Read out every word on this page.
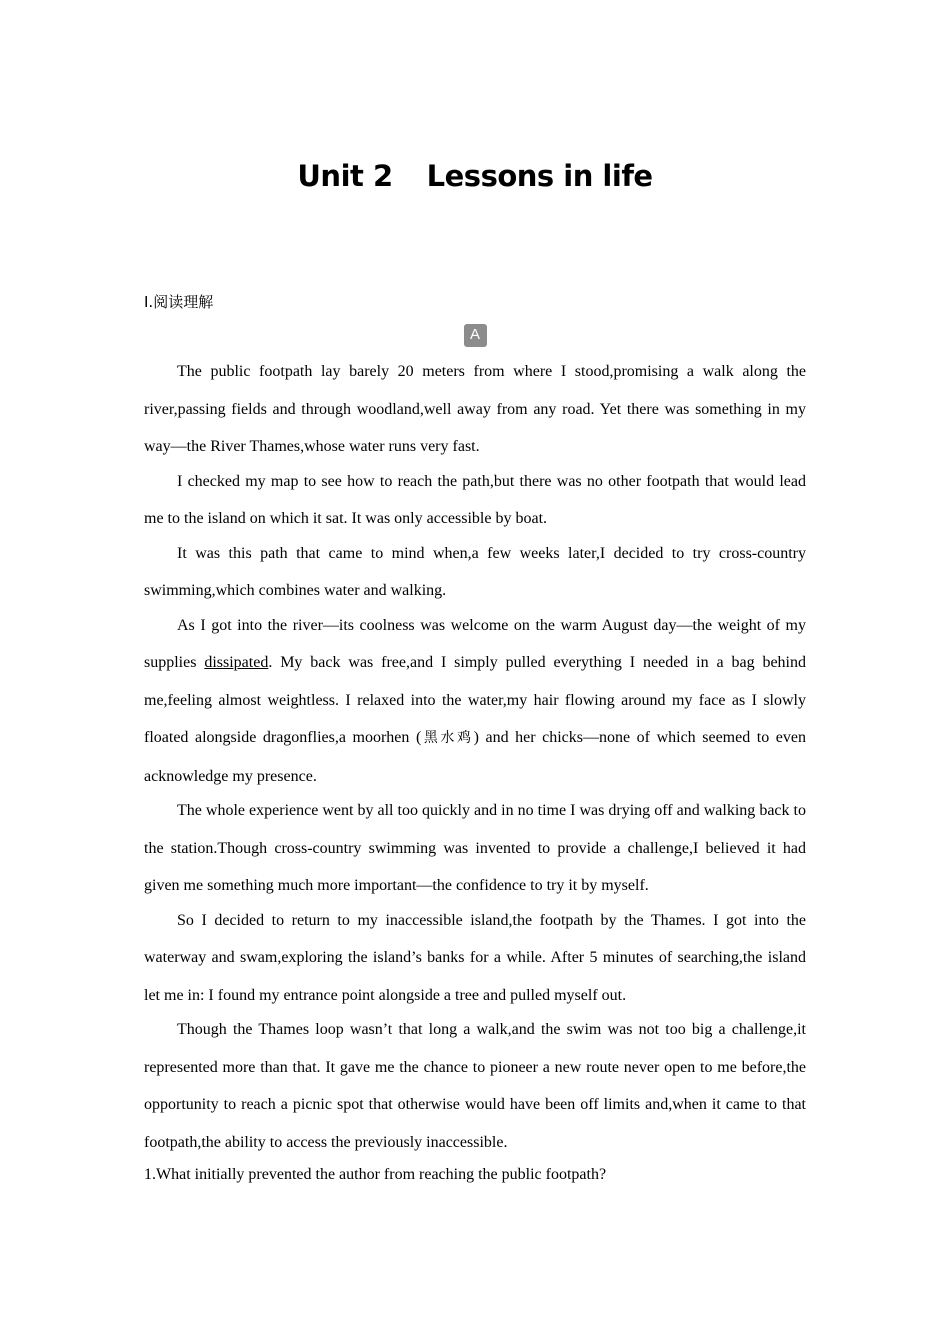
Unit 2 Lessons in life
Ⅰ.阅读理解
A

The public footpath lay barely 20 meters from where I stood,promising a walk along the river,passing fields and through woodland,well away from any road. Yet there was something in my way—the River Thames,whose water runs very fast.

I checked my map to see how to reach the path,but there was no other footpath that would lead me to the island on which it sat. It was only accessible by boat.

It was this path that came to mind when,a few weeks later,I decided to try cross-country swimming,which combines water and walking.

As I got into the river—its coolness was welcome on the warm August day—the weight of my supplies dissipated. My back was free,and I simply pulled everything I needed in a bag behind me,feeling almost weightless. I relaxed into the water,my hair flowing around my face as I slowly floated alongside dragonflies,a moorhen (黑水鸡) and her chicks—none of which seemed to even acknowledge my presence.

The whole experience went by all too quickly and in no time I was drying off and walking back to the station.Though cross-country swimming was invented to provide a challenge,I believed it had given me something much more important—the confidence to try it by myself.

So I decided to return to my inaccessible island,the footpath by the Thames. I got into the waterway and swam,exploring the island’s banks for a while. After 5 minutes of searching,the island let me in: I found my entrance point alongside a tree and pulled myself out.

Though the Thames loop wasn’t that long a walk,and the swim was not too big a challenge,it represented more than that. It gave me the chance to pioneer a new route never open to me before,the opportunity to reach a picnic spot that otherwise would have been off limits and,when it came to that footpath,the ability to access the previously inaccessible.

1.What initially prevented the author from reaching the public footpath?
